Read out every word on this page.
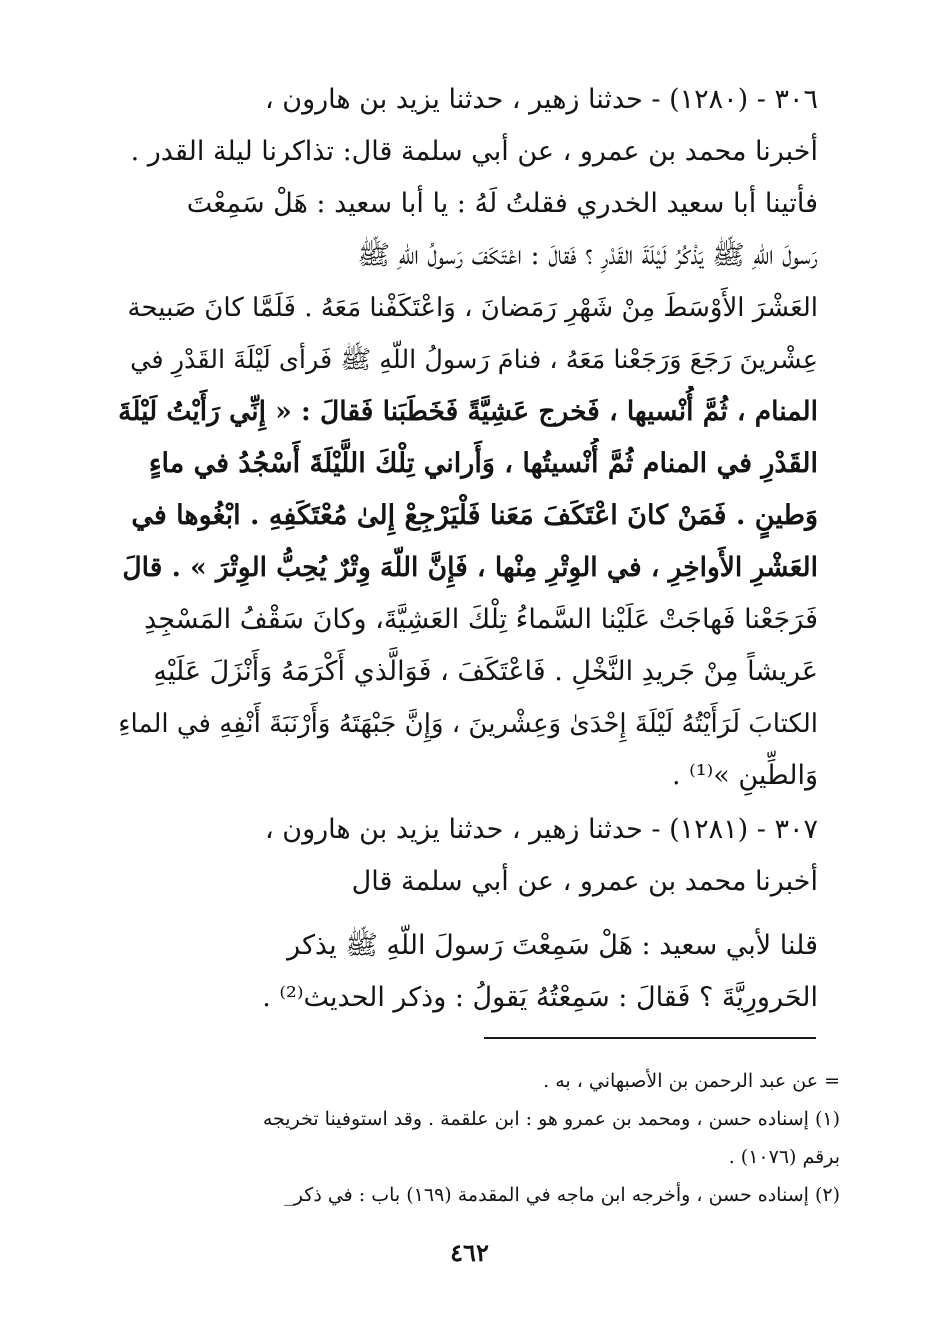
٣٠٦ - (١٢٨٠) - حدثنا زهير ، حدثنا يزيد بن هارون ،
أخبرنا محمد بن عمرو ، عن أبي سلمة قال: تذاكرنا ليلة القدر .
فأتينا أبا سعيد الخدري فقلتُ لَهُ : يا أبا سعيد : هَلْ سَمِعْتَ
رَسولَ اللّهِ ﷺ يَذْكُرُ لَيْلَةَ القَدْرِ ؟ فَقالَ : اعْتَكَفَ رَسولُ اللّهِ ﷺ
العَشْرَ الأَوْسَطَ مِنْ شَهْرِ رَمَضانَ ، وَاعْتَكَفْنا مَعَهُ . فَلَمَّا كانَ صَبيحة
عِشْرينَ رَجَعَ وَرَجَعْنا مَعَهُ ، فنامَ رَسولُ اللّهِ ﷺ فَرأى لَيْلَةَ القَدْرِ في
المنام ، ثُمَّ أُنْسيها ، فَخرج عَشِيَّةً فَخَطَبَنا فَقالَ : « إِنِّي رَأَيْتُ لَيْلَةَ
القَدْرِ في المنام ثُمَّ أُنْسيتُها ، وَأَراني تِلْكَ اللَّيْلَةَ أَسْجُدُ في ماءٍ
وَطينٍ . فَمَنْ كانَ اعْتَكَفَ مَعَنا فَلْيَرْجِعْ إِلىٰ مُعْتَكَفِهِ . ابْغُوها في
العَشْرِ الأَواخِرِ ، في الوِتْرِ مِنْها ، فَإِنَّ اللّهَ وِتْرٌ يُحِبُّ الوِتْرَ » . قالَ
فَرَجَعْنا فَهاجَتْ عَلَيْنا السَّماءُ تِلْكَ العَشِيَّةَ، وكانَ سَقْفُ المَسْجِدِ
عَريشاً مِنْ جَريدِ النَّخْلِ . فَاعْتَكَفَ ، فَوَالَّذي أَكْرَمَهُ وَأَنْزَلَ عَلَيْهِ
الكتابَ لَرَأَيْتُهُ لَيْلَةَ إِحْدَىٰ وَعِشْرينَ ، وَإِنَّ جَبْهَتَهُ وَأَرْنَبَةَ أَنْفِهِ في الماءِ
وَالطِّينِ »⁽¹⁾ .
٣٠٧ - (١٢٨١) - حدثنا زهير ، حدثنا يزيد بن هارون ،
أخبرنا محمد بن عمرو ، عن أبي سلمة قال
قلنا لأبي سعيد : هَلْ سَمِعْتَ رَسولَ اللّهِ ﷺ يذكر
الحَرورِيَّةَ ؟ فَقالَ : سَمِعْتُهُ يَقولُ : وذكر الحديث⁽²⁾ .
= عن عبد الرحمن بن الأصبهاني ، به .
(١) إسناده حسن ، ومحمد بن عمرو هو : ابن علقمة . وقد استوفينا تخريجه
برقم (١٠٧٦) .
(٢) إسناده حسن ، وأخرجه ابن ماجه في المقدمة (١٦٩) باب : في ذكر_
٤٦٢
